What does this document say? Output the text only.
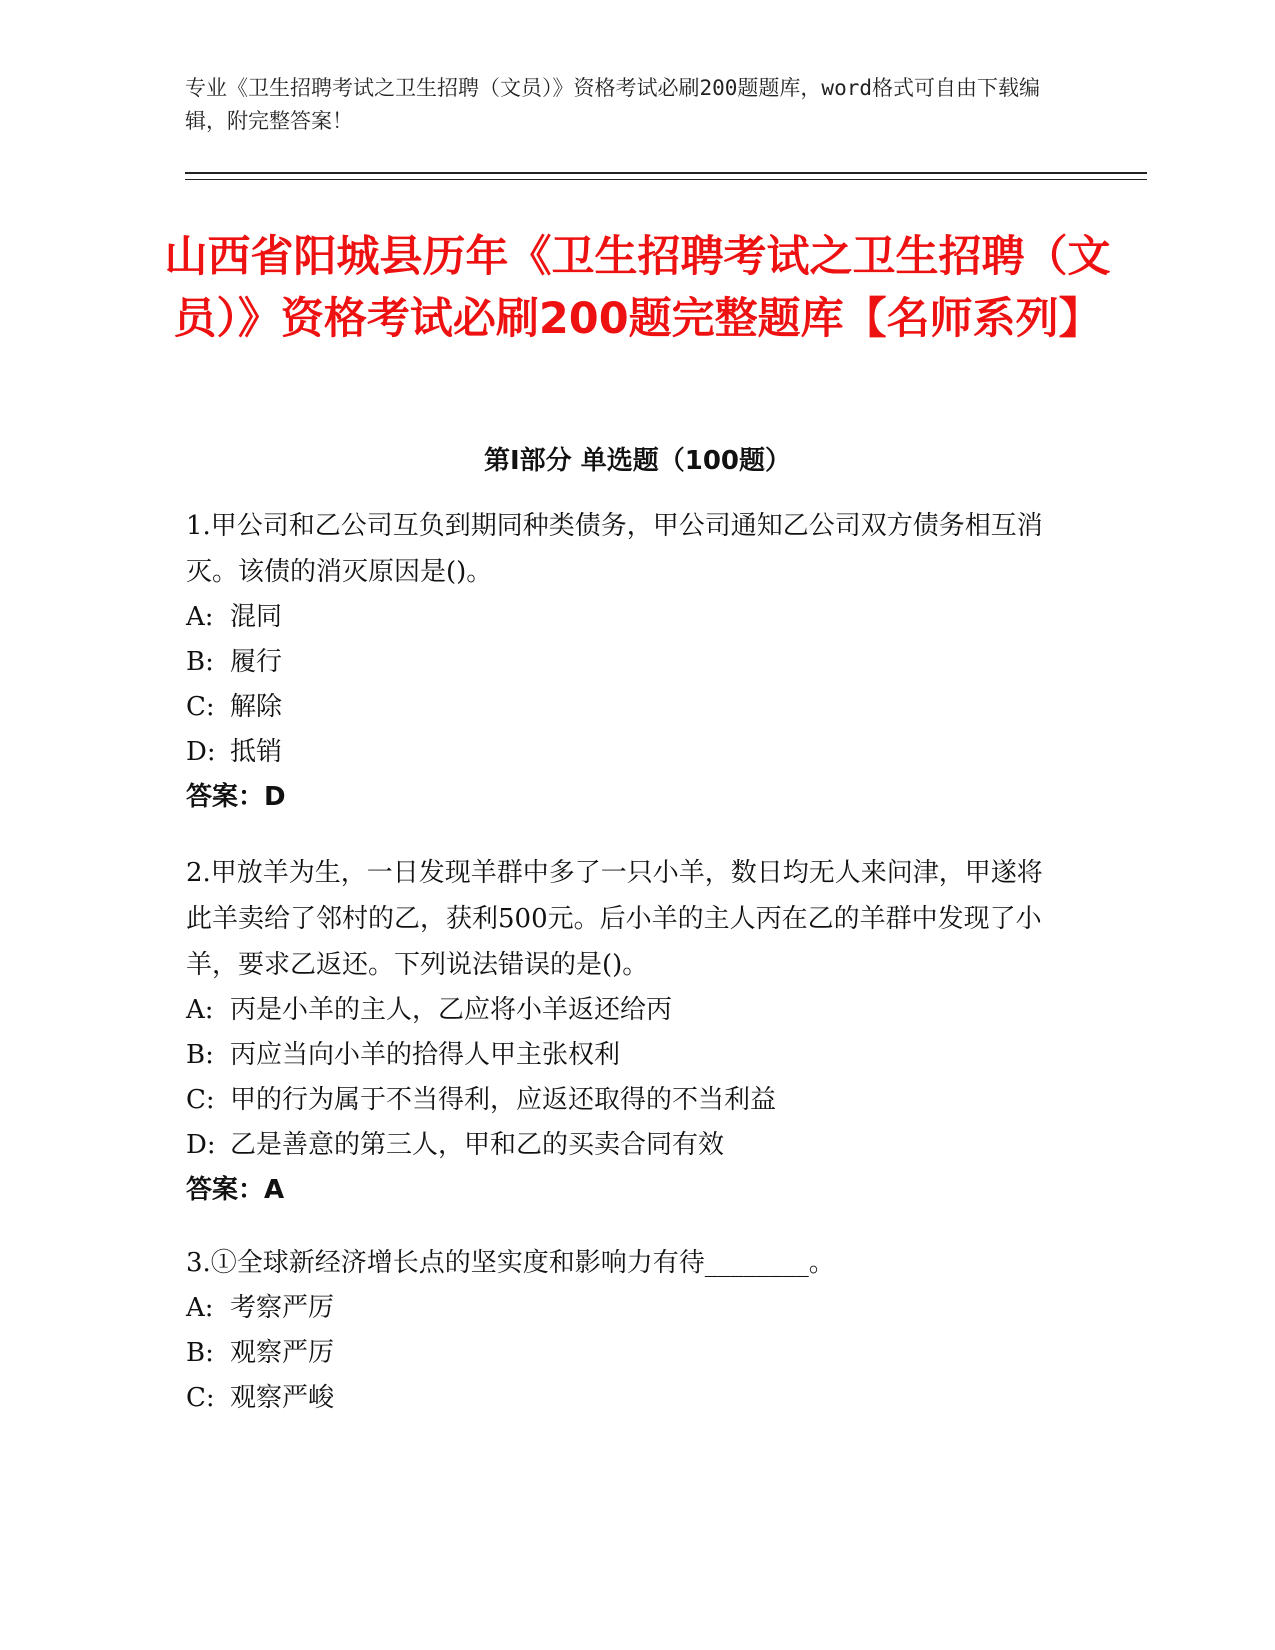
专业《卫生招聘考试之卫生招聘（文员）》资格考试必刷200题题库，word格式可自由下载编辑，附完整答案！
山西省阳城县历年《卫生招聘考试之卫生招聘（文员）》资格考试必刷200题完整题库【名师系列】
第I部分 单选题（100题）
1.甲公司和乙公司互负到期同种类债务，甲公司通知乙公司双方债务相互消灭。该债的消灭原因是()。
A: 混同
B: 履行
C: 解除
D: 抵销
答案：D
2.甲放羊为生，一日发现羊群中多了一只小羊，数日均无人来问津，甲遂将此羊卖给了邻村的乙，获利500元。后小羊的主人丙在乙的羊群中发现了小羊，要求乙返还。下列说法错误的是()。
A: 丙是小羊的主人，乙应将小羊返还给丙
B: 丙应当向小羊的拾得人甲主张权利
C: 甲的行为属于不当得利，应返还取得的不当利益
D: 乙是善意的第三人，甲和乙的买卖合同有效
答案：A
3.①全球新经济增长点的坚实度和影响力有待________。
A: 考察严厉
B: 观察严厉
C: 观察严峻
